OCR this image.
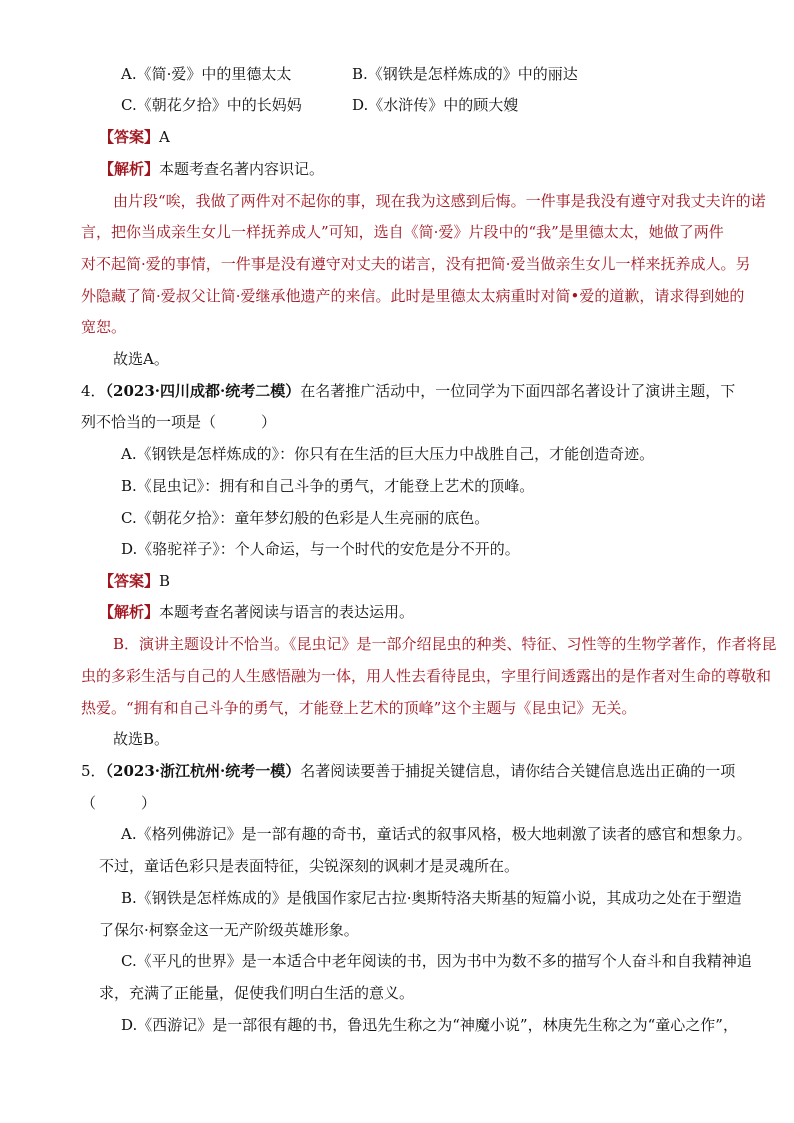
A.《简·爱》中的里德太太	B.《钢铁是怎样炼成的》中的丽达
C.《朝花夕拾》中的长妈妈	D.《水浒传》中的顾大嫂
【答案】A
【解析】本题考查名著内容识记。
由片段“唉，我做了两件对不起你的事，现在我为这感到后悔。一件事是我没有遵守对我丈夫许的诺
言，把你当成亲生女儿一样抚养成人”可知，选自《简·爱》片段中的“我”是里德太太，她做了两件
对不起简·爱的事情，一件事是没有遵守对丈夫的诺言，没有把简·爱当做亲生女儿一样来抚养成人。另
外隐藏了简·爱叔父让简·爱继承他遗产的来信。此时是里德太太病重时对简•爱的道歉，请求得到她的
宽恕。
故选A。
4．（2023·四川成都·统考二模）在名著推广活动中，一位同学为下面四部名著设计了演讲主题，下
列不恰当的一项是（　　　）
A.《钢铁是怎样炼成的》：你只有在生活的巨大压力中战胜自己，才能创造奇迹。
B.《昆虫记》：拥有和自己斗争的勇气，才能登上艺术的顶峰。
C.《朝花夕拾》：童年梦幻般的色彩是人生亮丽的底色。
D.《骆驼祥子》：个人命运，与一个时代的安危是分不开的。
【答案】B
【解析】本题考查名著阅读与语言的表达运用。
B．演讲主题设计不恰当。《昆虫记》是一部介绍昆虫的种类、特征、习性等的生物学著作，作者将昆
虫的多彩生活与自己的人生感悟融为一体，用人性去看待昆虫，字里行间透露出的是作者对生命的尊敬和
热爱。“拥有和自己斗争的勇气，才能登上艺术的顶峰”这个主题与《昆虫记》无关。
故选B。
5．（2023·浙江杭州·统考一模）名著阅读要善于捕捉关键信息，请你结合关键信息选出正确的一项
（　　　）
A.《格列佛游记》是一部有趣的奇书，童话式的叙事风格，极大地刺激了读者的感官和想象力。
不过，童话色彩只是表面特征，尖锐深刻的讽刺才是灵魂所在。
B.《钢铁是怎样炼成的》是俄国作家尼古拉·奥斯特洛夫斯基的短篇小说，其成功之处在于塑造
了保尔·柯察金这一无产阶级英雄形象。
C.《平凡的世界》是一本适合中老年阅读的书，因为书中为数不多的描写个人奋斗和自我精神追
求，充满了正能量，促使我们明白生活的意义。
D.《西游记》是一部很有趣的书，鲁迅先生称之为“神魔小说”，林庚先生称之为“童心之作”，
